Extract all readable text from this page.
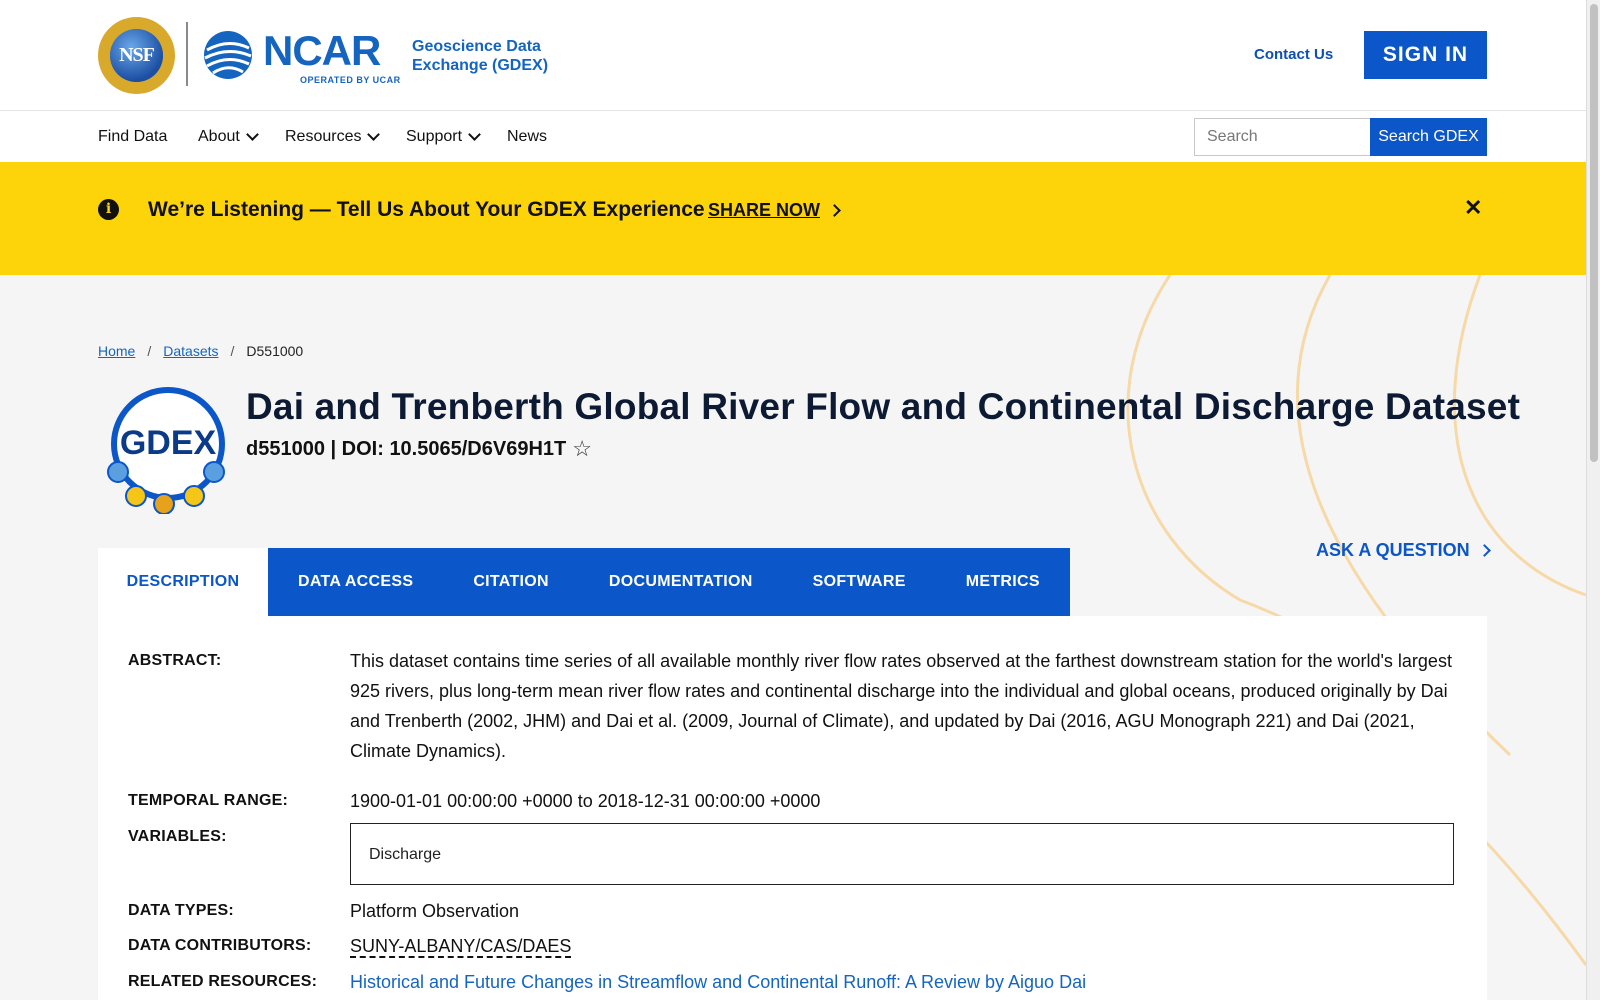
NSF	NCAR
OPERATED BY UCAR
Geoscience Data Exchange (GDEX)
Contact Us	SIGN IN
Find Data About	Resources	Support	News
Search	Search GDEX
i	We’re Listening — Tell Us About Your GDEX Experience SHARE NOW	✕
Home / Datasets / D551000
GDEX
Dai and Trenberth Global River Flow and Continental Discharge Dataset
d551000 | DOI: 10.5065/D6V69H1T ☆
ASK A QUESTION
DESCRIPTION	DATA ACCESS	CITATION	DOCUMENTATION	SOFTWARE	METRICS
ABSTRACT:	This dataset contains time series of all available monthly river flow rates observed at the farthest downstream station for the world's largest 925 rivers, plus long-term mean river flow rates and continental discharge into the individual and global oceans, produced originally by Dai and Trenberth (2002, JHM) and Dai et al. (2009, Journal of Climate), and updated by Dai (2016, AGU Monograph 221) and Dai (2021, Climate Dynamics).
TEMPORAL RANGE:	1900-01-01 00:00:00 +0000 to 2018-12-31 00:00:00 +0000
VARIABLES:
Discharge
DATA TYPES:	Platform Observation
DATA CONTRIBUTORS: SUNY-ALBANY/CAS/DAES
RELATED RESOURCES: Historical and Future Changes in Streamflow and Continental Runoff: A Review by Aiguo Dai
